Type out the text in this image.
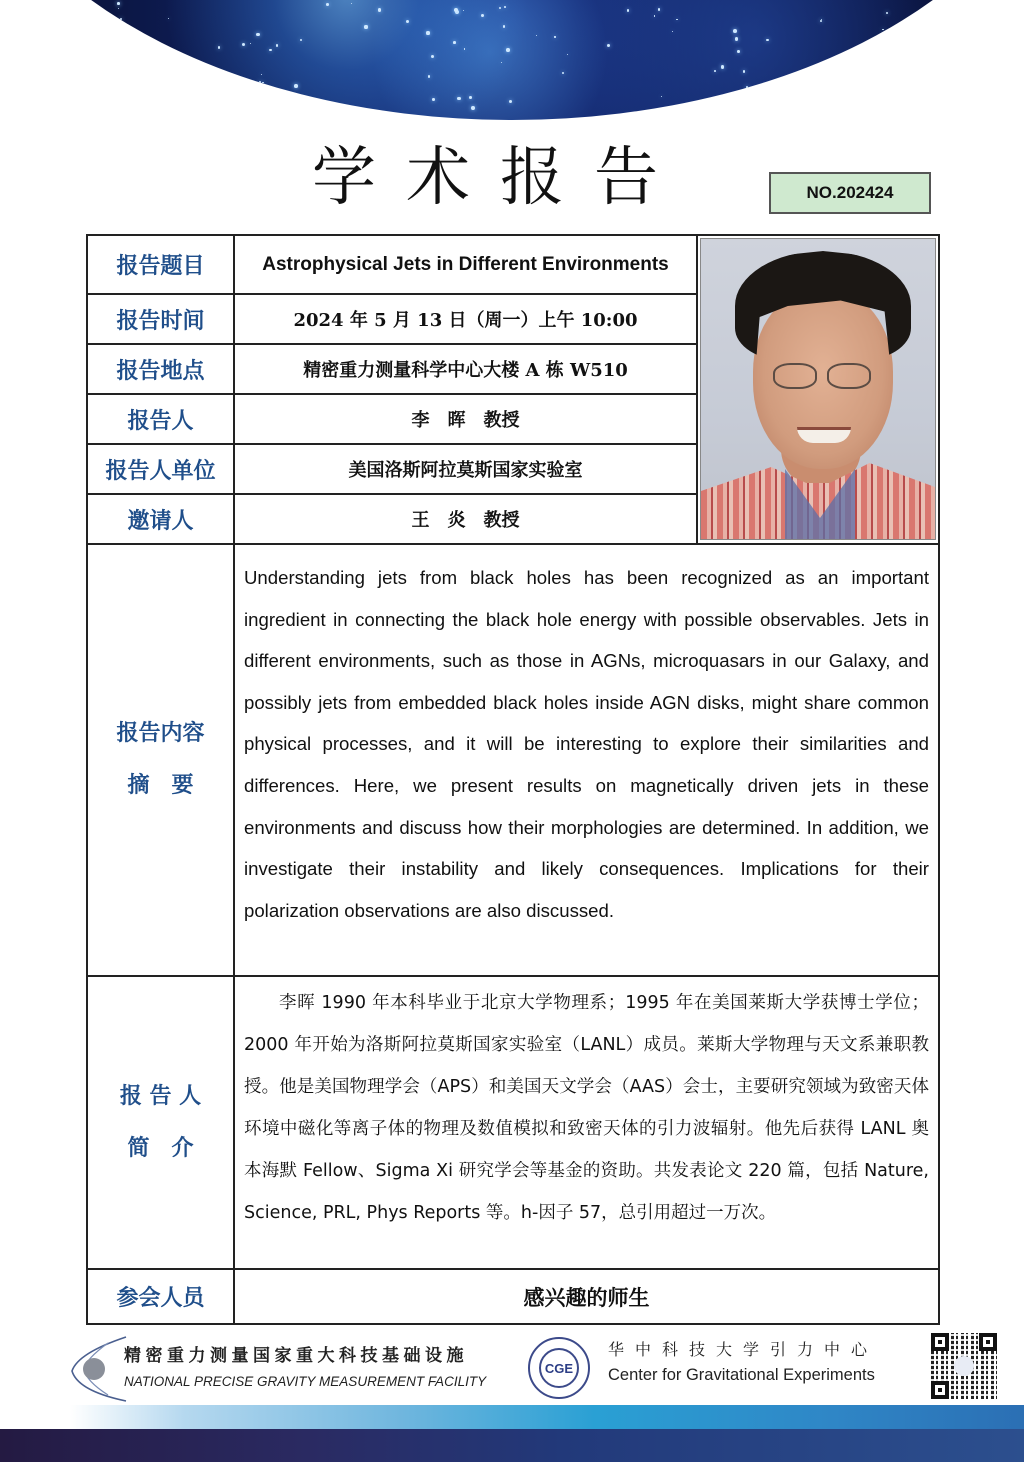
学术报告	NO.202424
报告题目	Astrophysical Jets in Different Environments	

报告时间	2024 年 5 月 13 日（周一）上午 10:00	
报告地点	精密重力测量科学中心大楼 A 栋 W510	
报告人	李　晖　教授	
报告人单位	美国洛斯阿拉莫斯国家实验室	
邀请人	王　炎　教授	

报告内容
摘　要	Understanding jets from black holes has been recognized as an important ingredient in connecting the black hole energy with possible observables. Jets in different environments, such as those in AGNs, microquasars in our Galaxy, and possibly jets from embedded black holes inside AGN disks, might share common physical processes, and it will be interesting to explore their similarities and differences. Here, we present results on magnetically driven jets in these environments and discuss how their morphologies are determined. In addition, we investigate their instability and likely consequences. Implications for their polarization observations are also discussed.	

报 告 人
简　介	李晖 1990 年本科毕业于北京大学物理系；1995 年在美国莱斯大学获博士学位；2000 年开始为洛斯阿拉莫斯国家实验室（LANL）成员。莱斯大学物理与天文系兼职教授。他是美国物理学会（APS）和美国天文学会（AAS）会士，主要研究领域为致密天体环境中磁化等离子体的物理及数值模拟和致密天体的引力波辐射。他先后获得 LANL 奥本海默 Fellow、Sigma Xi 研究学会等基金的资助。共发表论文 220 篇，包括 Nature, Science, PRL, Phys Reports 等。h-因子 57，总引用超过一万次。	
参会人员	感兴趣的师生	
精密重力测量国家重大科技基础设施
NATIONAL PRECISE GRAVITY MEASUREMENT FACILITY
CGE
华中科技大学引力中心
Center for Gravitational Experiments
